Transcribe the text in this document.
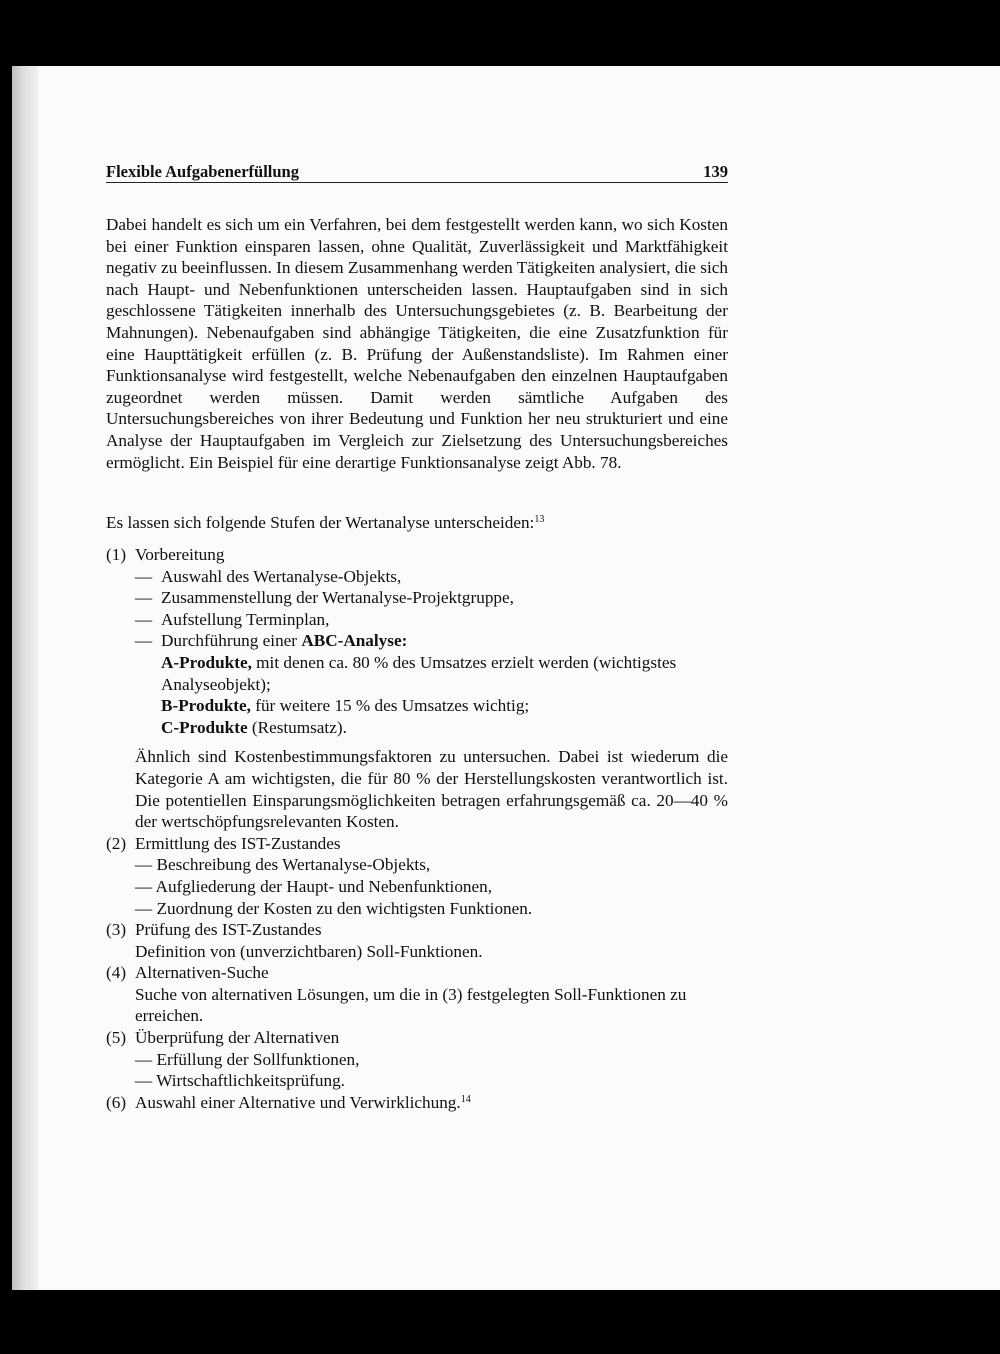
Flexible Aufgabenerfüllung	139

Dabei handelt es sich um ein Verfahren, bei dem festgestellt werden kann, wo sich Kosten bei einer Funktion einsparen lassen, ohne Qualität, Zuverlässigkeit und Marktfähigkeit negativ zu beeinflussen. In diesem Zusammenhang werden Tätigkeiten analysiert, die sich nach Haupt- und Nebenfunktionen unterscheiden lassen. Hauptaufgaben sind in sich geschlossene Tätigkeiten innerhalb des Untersuchungsgebietes (z. B. Bearbeitung der Mahnungen). Nebenaufgaben sind abhängige Tätigkeiten, die eine Zusatzfunktion für eine Haupttätigkeit erfüllen (z. B. Prüfung der Außenstandsliste). Im Rahmen einer Funktionsanalyse wird festgestellt, welche Nebenaufgaben den einzelnen Hauptaufgaben zugeordnet werden müssen. Damit werden sämtliche Aufgaben des Untersuchungsbereiches von ihrer Bedeutung und Funktion her neu strukturiert und eine Analyse der Hauptaufgaben im Vergleich zur Zielsetzung des Untersuchungsbereiches ermöglicht. Ein Beispiel für eine derartige Funktionsanalyse zeigt Abb. 78.

Es lassen sich folgende Stufen der Wertanalyse unterscheiden:$^{13}$

(1) Vorbereitung
— Auswahl des Wertanalyse-Objekts,
— Zusammenstellung der Wertanalyse-Projektgruppe,
— Aufstellung Terminplan,
— Durchführung einer ABC-Analyse:
A-Produkte, mit denen ca. 80 % des Umsatzes erzielt werden (wichtigstes Analyseobjekt);
B-Produkte, für weitere 15 % des Umsatzes wichtig;
C-Produkte (Restumsatz).

Ähnlich sind Kostenbestimmungsfaktoren zu untersuchen. Dabei ist wiederum die Kategorie A am wichtigsten, die für 80 % der Herstellungskosten verantwortlich ist. Die potentiellen Einsparungsmöglichkeiten betragen erfahrungsgemäß ca. 20—40 % der wertschöpfungsrelevanten Kosten.

(2) Ermittlung des IST-Zustandes
— Beschreibung des Wertanalyse-Objekts,
— Aufgliederung der Haupt- und Nebenfunktionen,
— Zuordnung der Kosten zu den wichtigsten Funktionen.
(3) Prüfung des IST-Zustandes
Definition von (unverzichtbaren) Soll-Funktionen.
(4) Alternativen-Suche
Suche von alternativen Lösungen, um die in (3) festgelegten Soll-Funktionen zu erreichen.
(5) Überprüfung der Alternativen
— Erfüllung der Sollfunktionen,
— Wirtschaftlichkeitsprüfung.
(6) Auswahl einer Alternative und Verwirklichung.$^{14}$
